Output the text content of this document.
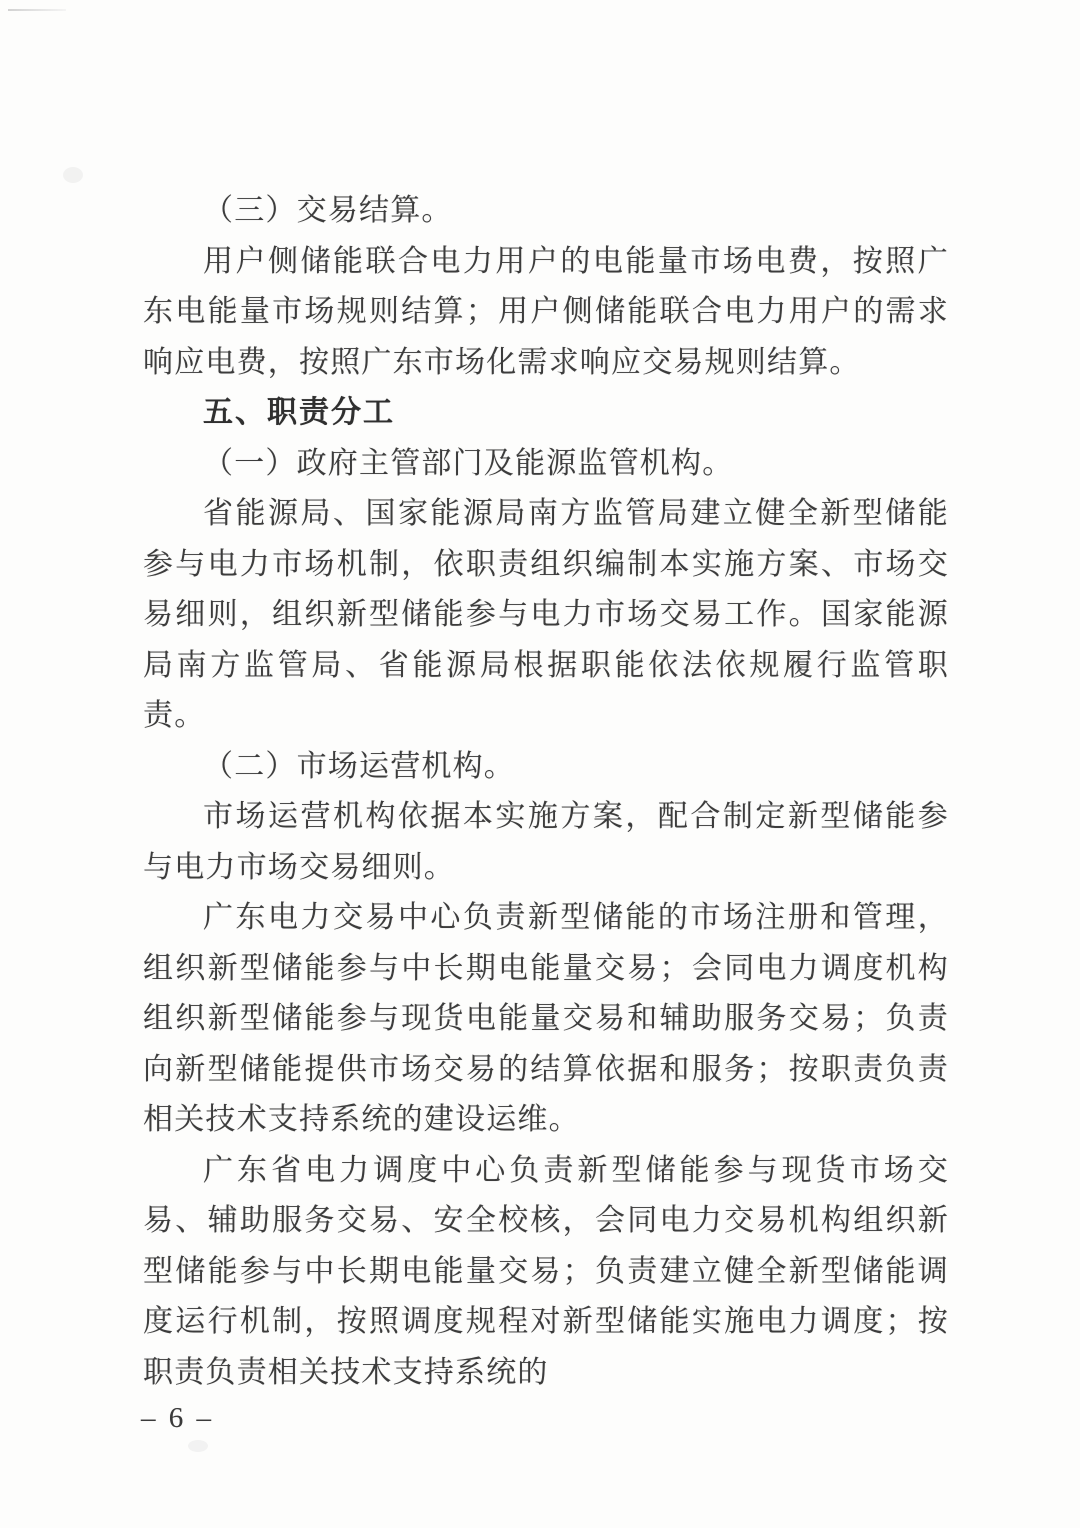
（三）交易结算。

用户侧储能联合电力用户的电能量市场电费，按照广东电能量市场规则结算；用户侧储能联合电力用户的需求响应电费，按照广东市场化需求响应交易规则结算。

五、职责分工

（一）政府主管部门及能源监管机构。

省能源局、国家能源局南方监管局建立健全新型储能参与电力市场机制，依职责组织编制本实施方案、市场交易细则，组织新型储能参与电力市场交易工作。国家能源局南方监管局、省能源局根据职能依法依规履行监管职责。

（二）市场运营机构。

市场运营机构依据本实施方案，配合制定新型储能参与电力市场交易细则。

广东电力交易中心负责新型储能的市场注册和管理，组织新型储能参与中长期电能量交易；会同电力调度机构组织新型储能参与现货电能量交易和辅助服务交易；负责向新型储能提供市场交易的结算依据和服务；按职责负责相关技术支持系统的建设运维。

广东省电力调度中心负责新型储能参与现货市场交易、辅助服务交易、安全校核，会同电力交易机构组织新型储能参与中长期电能量交易；负责建立健全新型储能调度运行机制，按照调度规程对新型储能实施电力调度；按职责负责相关技术支持系统的

– 6 –
